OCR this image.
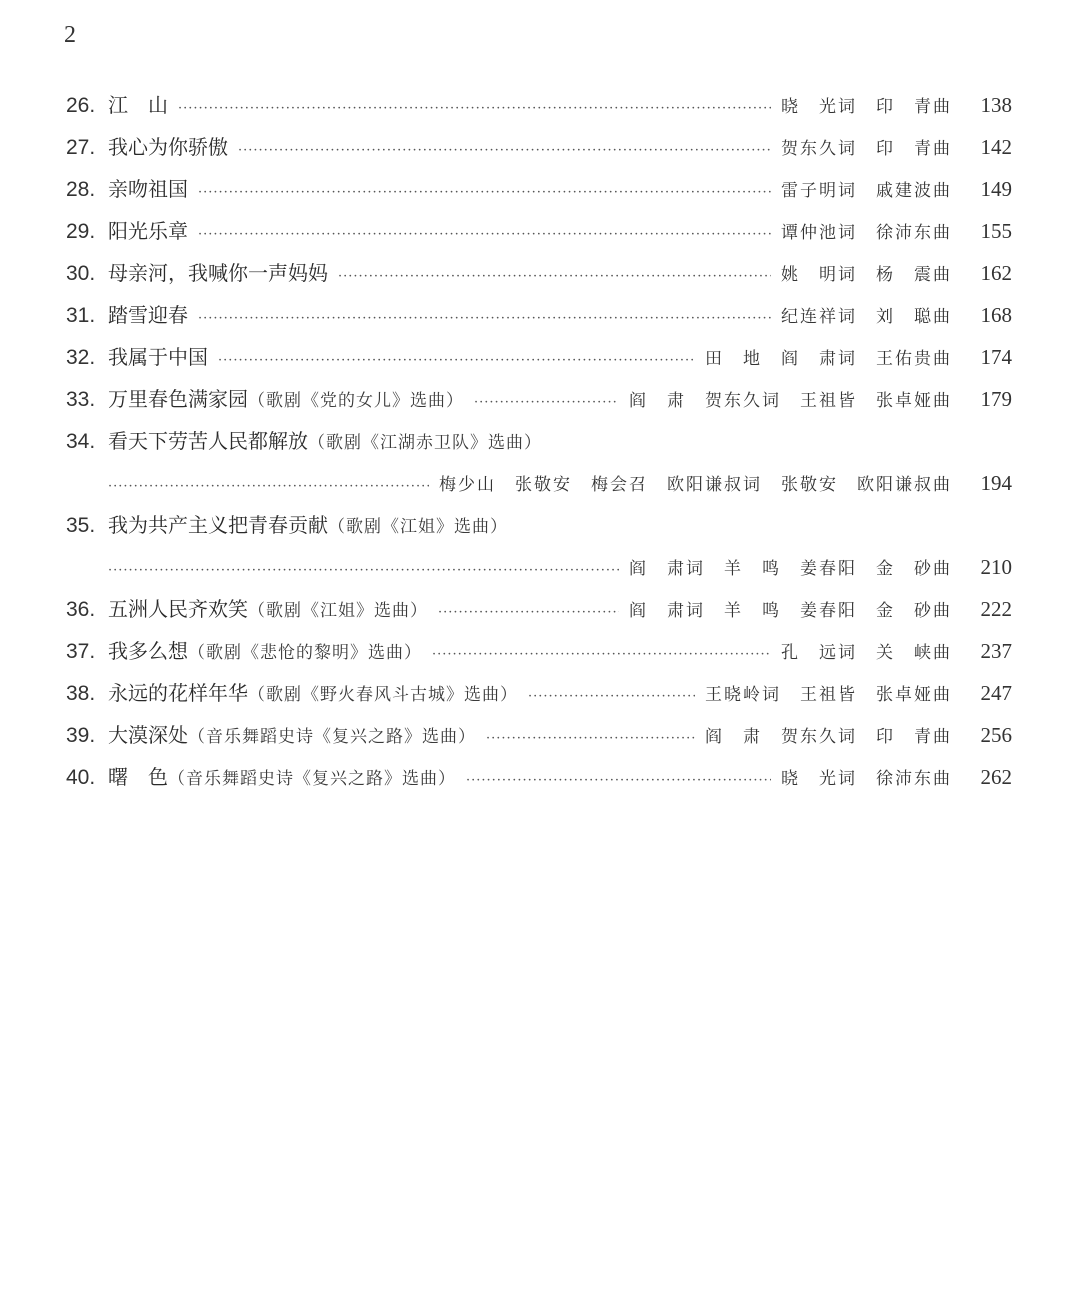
2
26. 江　山 ·····	晓　光词　印　青曲	138
27. 我心为你骄傲 ·····	贺东久词　印　青曲	142
28. 亲吻祖国 ·····	雷子明词　戚建波曲	149
29. 阳光乐章 ·····	谭仲池词　徐沛东曲	155
30. 母亲河，我喊你一声妈妈 ·····	姚　明词　杨　震曲	162
31. 踏雪迎春 ·····	纪连祥词　刘　聪曲	168
32. 我属于中国 ·····	田　地　阎　肃词　王佑贵曲	174
33. 万里春色满家园 （歌剧《党的女儿》选曲） ·····	阎　肃　贺东久词　王祖皆　张卓娅曲	179
34. 看天下劳苦人民都解放 （歌剧《江湖赤卫队》选曲）
·····
梅少山　张敬安　梅会召　欧阳谦叔词　张敬安　欧阳谦叔曲	194
35. 我为共产主义把青春贡献 （歌剧《江姐》选曲）
·····
阎　肃词　羊　鸣　姜春阳　金　砂曲	210
36. 五洲人民齐欢笑 （歌剧《江姐》选曲） ·····	阎　肃词　羊　鸣　姜春阳　金　砂曲	222
37. 我多么想 （歌剧《悲怆的黎明》选曲） ·····	孔　远词　关　峡曲	237
38. 永远的花样年华 （歌剧《野火春风斗古城》选曲） ·····	王晓岭词　王祖皆　张卓娅曲	247
39. 大漠深处 （音乐舞蹈史诗《复兴之路》选曲） ·····	阎　肃　贺东久词　印　青曲	256
40. 曙　色 （音乐舞蹈史诗《复兴之路》选曲） ·····	晓　光词　徐沛东曲	262
